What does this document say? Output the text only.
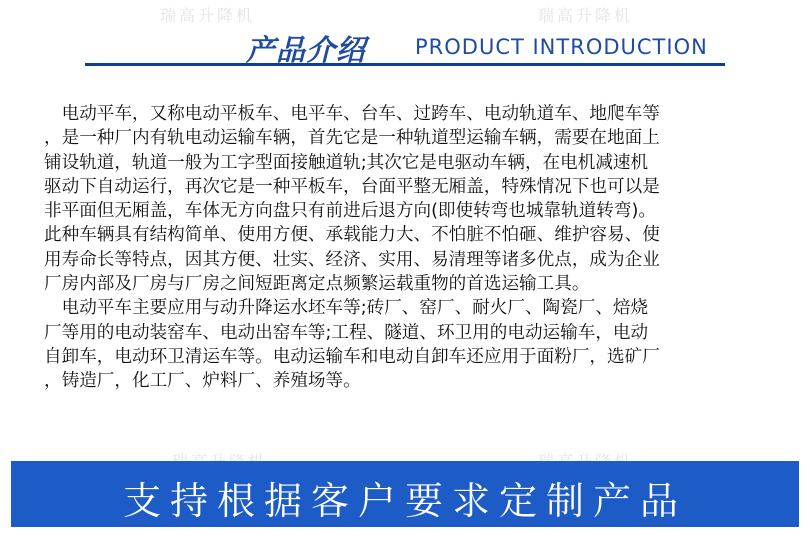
瑞高升降机	瑞高升降机
产品介绍 PRODUCT INTRODUCTION
　电动平车，又称电动平板车、电平车、台车、过跨车、电动轨道车、地爬车等
，是一种厂内有轨电动运输车辆，首先它是一种轨道型运输车辆，需要在地面上
铺设轨道，轨道一般为工字型面接触道轨;其次它是电驱动车辆，在电机减速机
驱动下自动运行，再次它是一种平板车，台面平整无厢盖，特殊情况下也可以是
非平面但无厢盖，车体无方向盘只有前进后退方向(即使转弯也城靠轨道转弯)。
此种车辆具有结构简单、使用方便、承载能力大、不怕脏不怕砸、维护容易、使
用寿命长等特点，因其方便、壮实、经济、实用、易清理等诸多优点，成为企业
厂房内部及厂房与厂房之间短距离定点频繁运载重物的首选运输工具。
　电动平车主要应用与动升降运水坯车等;砖厂、窑厂、耐火厂、陶瓷厂、焙烧
厂等用的电动装窑车、电动出窑车等;工程、隧道、环卫用的电动运输车，电动
自卸车，电动环卫清运车等。电动运输车和电动自卸车还应用于面粉厂，选矿厂
，铸造厂，化工厂、炉料厂、养殖场等。
支持根据客户要求定制产品
